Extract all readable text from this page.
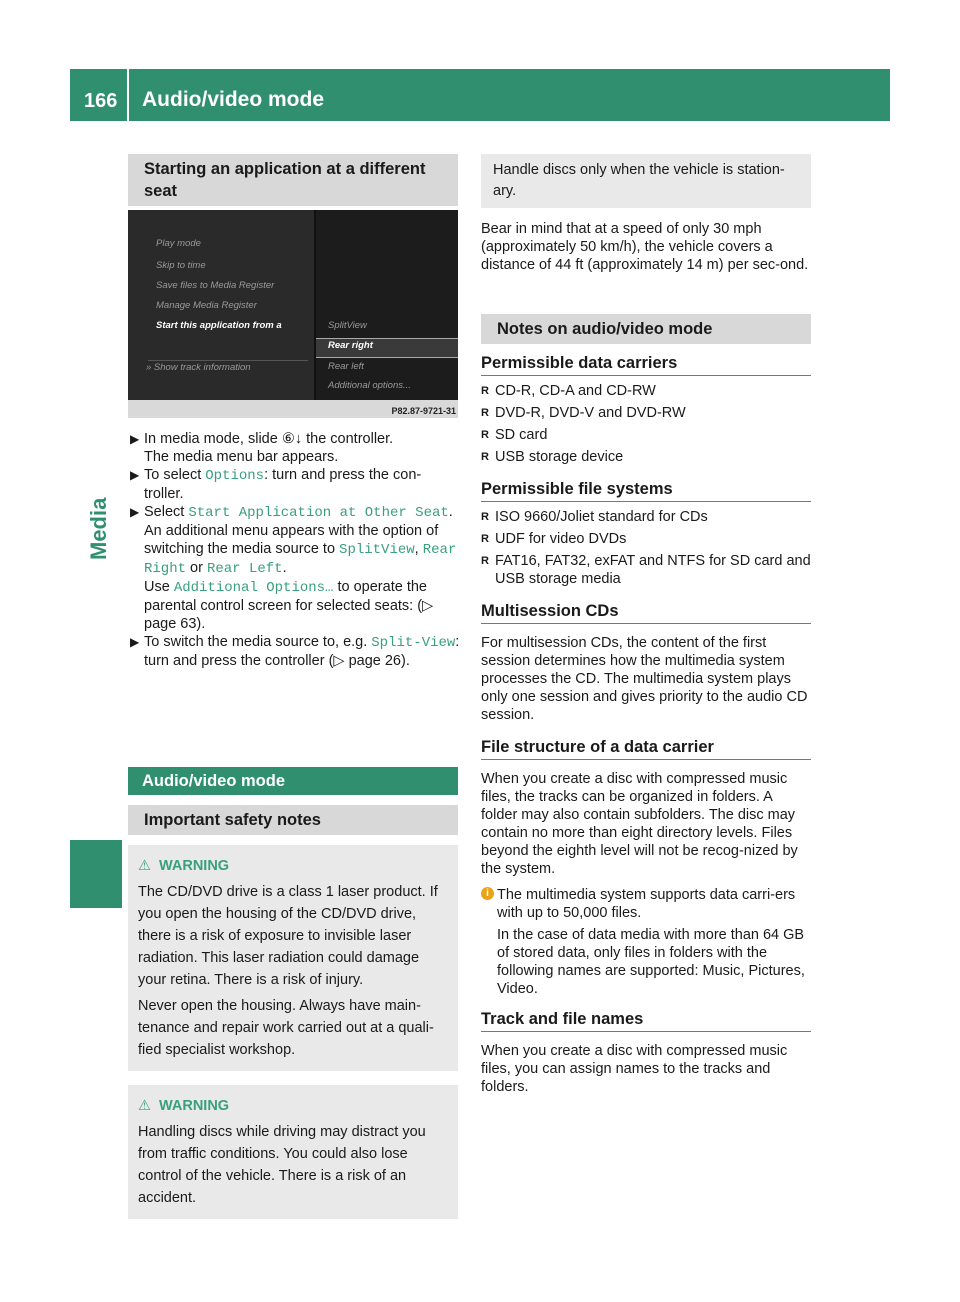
166 Audio/video mode
Media
Starting an application at a different seat
Play mode
Skip to time
Save files to Media Register
Manage Media Register
Start this application from a
» Show track information
SplitView
Rear right
Rear left
Additional options...
P82.87-9721-31
▶ In media mode, slide ⑥↓ the controller.
The media menu bar appears.
▶ To select Options: turn and press the con-troller.
▶ Select Start Application at Other Seat.
An additional menu appears with the option of switching the media source to SplitView, Rear Right or Rear Left.
Use Additional Options… to operate the parental control screen for selected seats: (▷ page 63).
▶ To switch the media source to, e.g. Split-View: turn and press the controller (▷ page 26).
Audio/video mode
Important safety notes
⚠ WARNING
The CD/DVD drive is a class 1 laser product. If you open the housing of the CD/DVD drive, there is a risk of exposure to invisible laser radiation. This laser radiation could damage your retina. There is a risk of injury.
Never open the housing. Always have main-tenance and repair work carried out at a quali-fied specialist workshop.
⚠ WARNING
Handling discs while driving may distract you from traffic conditions. You could also lose control of the vehicle. There is a risk of an accident.
Handle discs only when the vehicle is station-ary.
Bear in mind that at a speed of only 30 mph (approximately 50 km/h), the vehicle covers a distance of 44 ft (approximately 14 m) per sec-ond.
Notes on audio/video mode
Permissible data carriers
R CD-R, CD-A and CD-RW
R DVD-R, DVD-V and DVD-RW
R SD card
R USB storage device
Permissible file systems
R ISO 9660/Joliet standard for CDs
R UDF for video DVDs
R FAT16, FAT32, exFAT and NTFS for SD card and USB storage media
Multisession CDs
For multisession CDs, the content of the first session determines how the multimedia system processes the CD. The multimedia system plays only one session and gives priority to the audio CD session.
File structure of a data carrier
When you create a disc with compressed music files, the tracks can be organized in folders. A folder may also contain subfolders. The disc may contain no more than eight directory levels. Files beyond the eighth level will not be recog-nized by the system.
i The multimedia system supports data carri-ers with up to 50,000 files.
In the case of data media with more than 64 GB of stored data, only files in folders with the following names are supported: Music, Pictures, Video.
Track and file names
When you create a disc with compressed music files, you can assign names to the tracks and folders.
